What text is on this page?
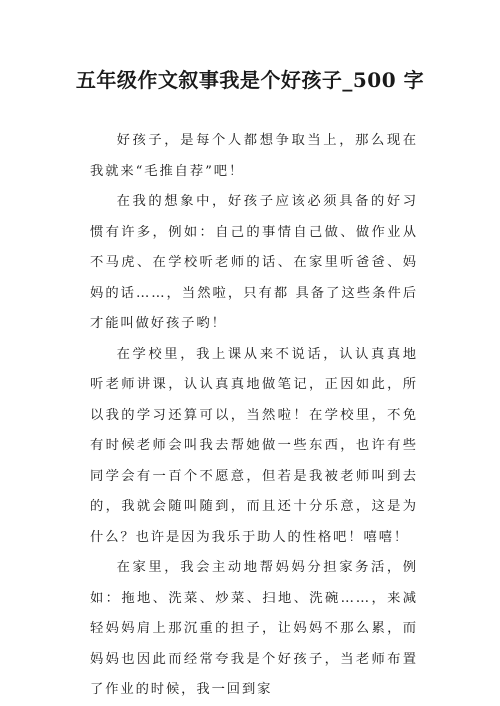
五年级作文叙事我是个好孩子_500 字

好孩子，是每个人都想争取当上，那么现在我就来“毛推自荐”吧！

在我的想象中，好孩子应该必须具备的好习惯有许多，例如：自己的事情自己做、做作业从不马虎、在学校听老师的话、在家里听爸爸、妈妈的话……，当然啦，只有都 具备了这些条件后才能叫做好孩子哟！

在学校里，我上课从来不说话，认认真真地听老师讲课，认认真真地做笔记，正因如此，所以我的学习还算可以，当然啦！在学校里，不免有时候老师会叫我去帮她做一些东西，也许有些同学会有一百个不愿意，但若是我被老师叫到去的，我就会随叫随到，而且还十分乐意，这是为什么？也许是因为我乐于助人的性格吧！嘻嘻！

在家里，我会主动地帮妈妈分担家务活，例如：拖地、洗菜、炒菜、扫地、洗碗……，来减轻妈妈肩上那沉重的担子，让妈妈不那么累，而妈妈也因此而经常夸我是个好孩子，当老师布置了作业的时候，我一回到家
